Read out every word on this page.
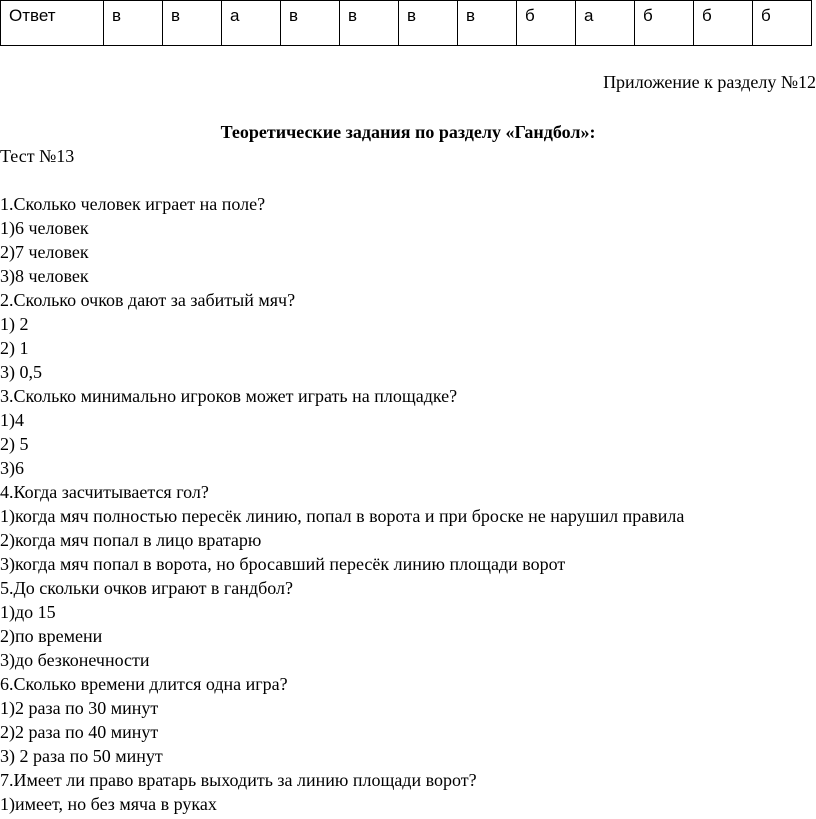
Ответ	в	в	а	в	в	в	в	б	а	б	б	б
Приложение к разделу №12
Теоретические задания по разделу «Гандбол»:
Тест №13
1.Сколько человек играет на поле?
1)6 человек
2)7 человек
3)8 человек
2.Сколько очков дают за забитый мяч?
1) 2
2) 1
3) 0,5
3.Сколько минимально игроков может играть на площадке?
1)4
2) 5
3)6
4.Когда засчитывается гол?
1)когда мяч полностью пересёк линию, попал в ворота и при броске не нарушил правила
2)когда мяч попал в лицо вратарю
3)когда мяч попал в ворота, но бросавший пересёк линию площади ворот
5.До скольки очков играют в гандбол?
1)до 15
2)по времени
3)до безконечности
6.Сколько времени длится одна игра?
1)2 раза по 30 минут
2)2 раза по 40 минут
3) 2 раза по 50 минут
7.Имеет ли право вратарь выходить за линию площади ворот?
1)имеет, но без мяча в руках
